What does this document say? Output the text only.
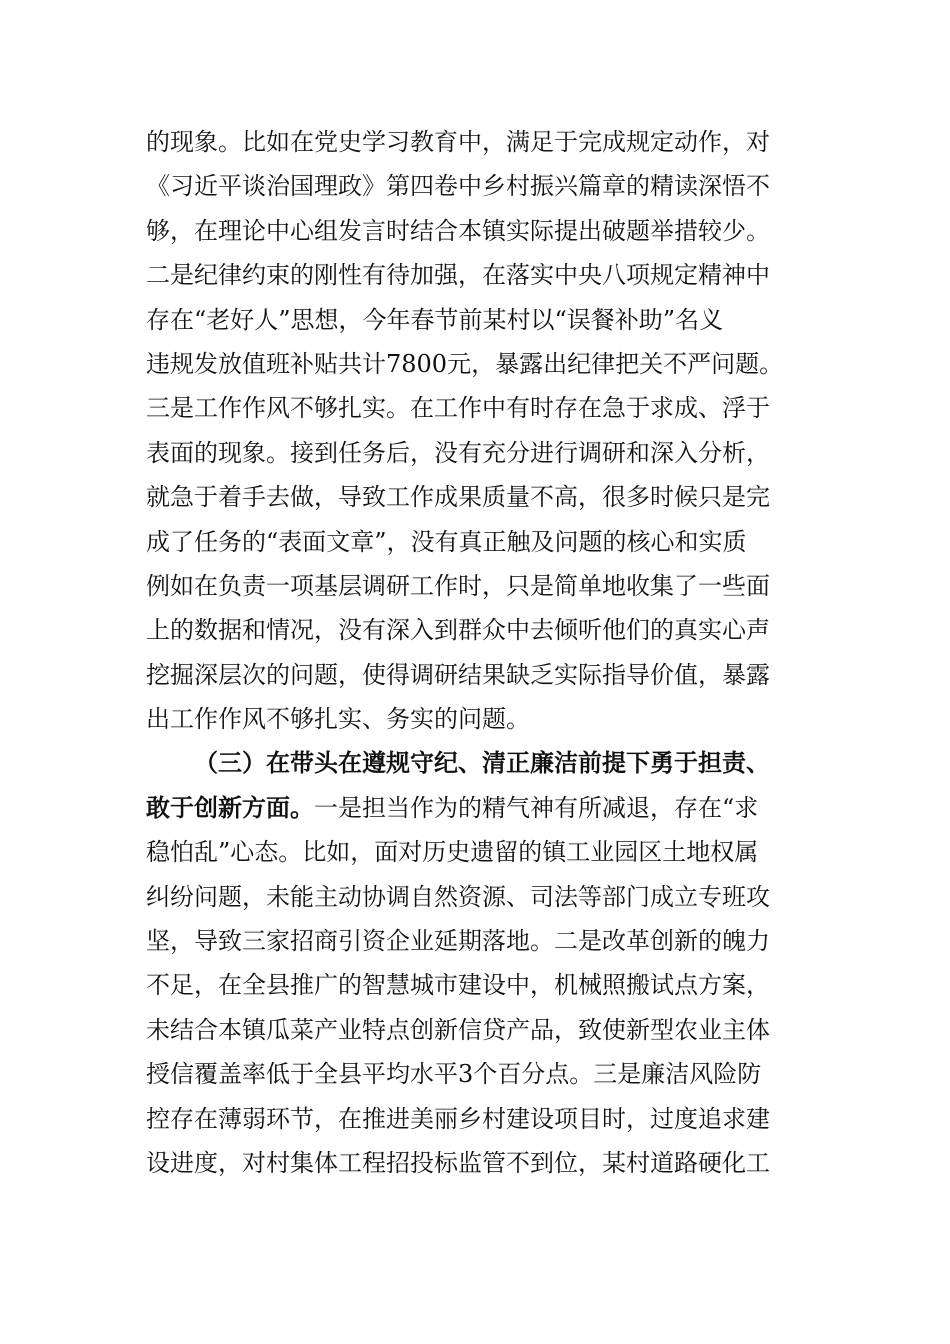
的现象。比如在党史学习教育中，满足于完成规定动作，对
《习近平谈治国理政》第四卷中乡村振兴篇章的精读深悟不
够，在理论中心组发言时结合本镇实际提出破题举措较少。
二是纪律约束的刚性有待加强，在落实中央八项规定精神中
存在“老好人”思想，今年春节前某村以“误餐补助”名义
违规发放值班补贴共计7800元，暴露出纪律把关不严问题。
三是工作作风不够扎实。在工作中有时存在急于求成、浮于
表面的现象。接到任务后，没有充分进行调研和深入分析，
就急于着手去做，导致工作成果质量不高，很多时候只是完
成了任务的“表面文章”，没有真正触及问题的核心和实质
例如在负责一项基层调研工作时，只是简单地收集了一些面
上的数据和情况，没有深入到群众中去倾听他们的真实心声
挖掘深层次的问题，使得调研结果缺乏实际指导价值，暴露
出工作作风不够扎实、务实的问题。
（三）在带头在遵规守纪、清正廉洁前提下勇于担责、
敢于创新方面。一是担当作为的精气神有所减退，存在“求
稳怕乱”心态。比如，面对历史遗留的镇工业园区土地权属
纠纷问题，未能主动协调自然资源、司法等部门成立专班攻
坚，导致三家招商引资企业延期落地。二是改革创新的魄力
不足，在全县推广的智慧城市建设中，机械照搬试点方案，
未结合本镇瓜菜产业特点创新信贷产品，致使新型农业主体
授信覆盖率低于全县平均水平3个百分点。三是廉洁风险防
控存在薄弱环节，在推进美丽乡村建设项目时，过度追求建
设进度，对村集体工程招投标监管不到位，某村道路硬化工
